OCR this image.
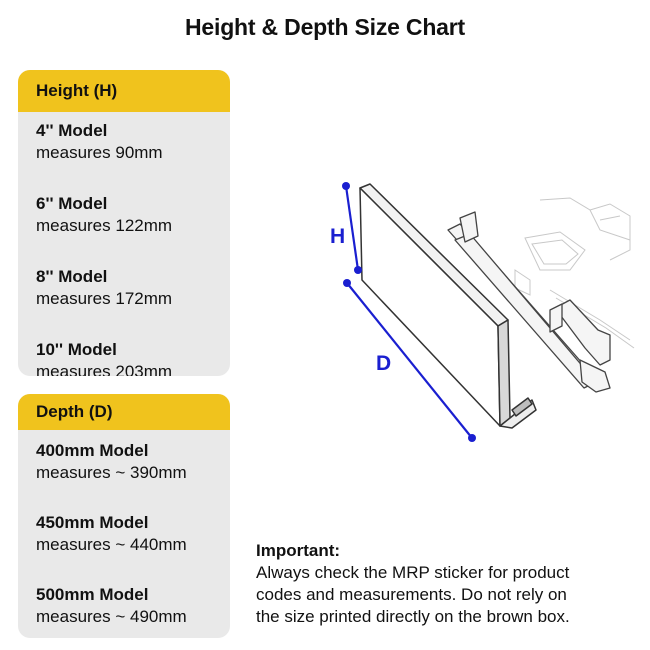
Height & Depth Size Chart
Height (H)
4'' Model
measures 90mm
6'' Model
measures 122mm
8'' Model
measures 172mm
10'' Model
measures 203mm
Depth (D)
400mm Model
measures ~ 390mm
450mm Model
measures ~ 440mm
500mm Model
measures ~ 490mm
H
D
Important:
Always check the MRP sticker for product
codes and measurements. Do not rely on
the size printed directly on the brown box.
